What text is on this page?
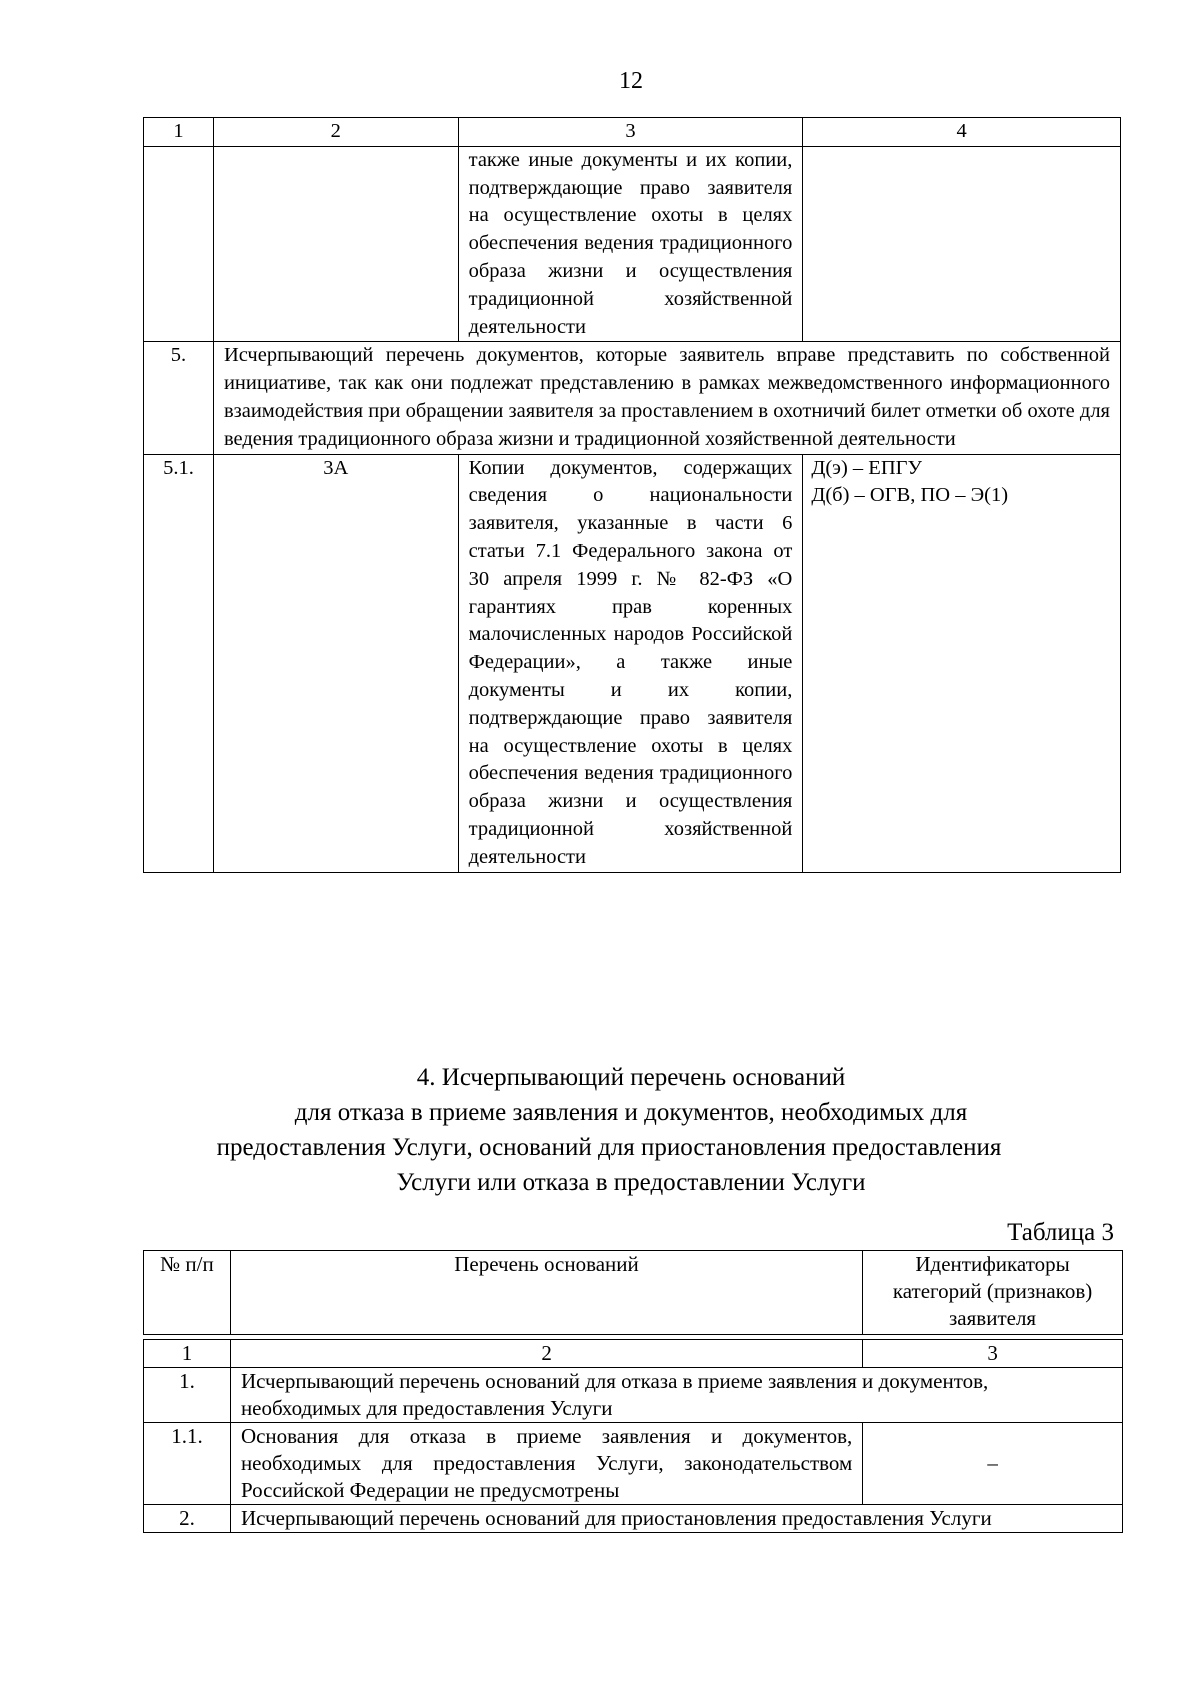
12
1	2	3	4
		также иные документы и их копии, подтверждающие право заявителя на осуществление охоты в целях обеспечения ведения традиционного образа жизни и осуществления традиционной хозяйственной деятельности	
5.	Исчерпывающий перечень документов, которые заявитель вправе представить по собственной инициативе, так как они подлежат представлению в рамках межведомственного информационного взаимодействия при обращении заявителя за проставлением в охотничий билет отметки об охоте для ведения традиционного образа жизни и традиционной хозяйственной деятельности		
5.1.	3А	Копии документов, содержащих сведения о национальности заявителя, указанные в части 6 статьи 7.1 Федерального закона от 30 апреля 1999 г. № 82-ФЗ «О гарантиях прав коренных малочисленных народов Российской Федерации», а также иные документы и их копии, подтверждающие право заявителя на осуществление охоты в целях обеспечения ведения традиционного образа жизни и осуществления традиционной хозяйственной деятельности	Д(э) – ЕПГУ
Д(б) – ОГВ, ПО – Э(1)
4. Исчерпывающий перечень оснований
для отказа в приеме заявления и документов, необходимых для
предоставления Услуги, оснований для приостановления предоставления
Услуги или отказа в предоставлении Услуги
Таблица 3
№ п/п	Перечень оснований	Идентификаторы категорий (признаков) заявителя
1	2	3
1.	Исчерпывающий перечень оснований для отказа в приеме заявления и документов, необходимых для предоставления Услуги	
1.1.	Основания для отказа в приеме заявления и документов, необходимых для предоставления Услуги, законодательством Российской Федерации не предусмотрены	–
2.	Исчерпывающий перечень оснований для приостановления предоставления Услуги	
